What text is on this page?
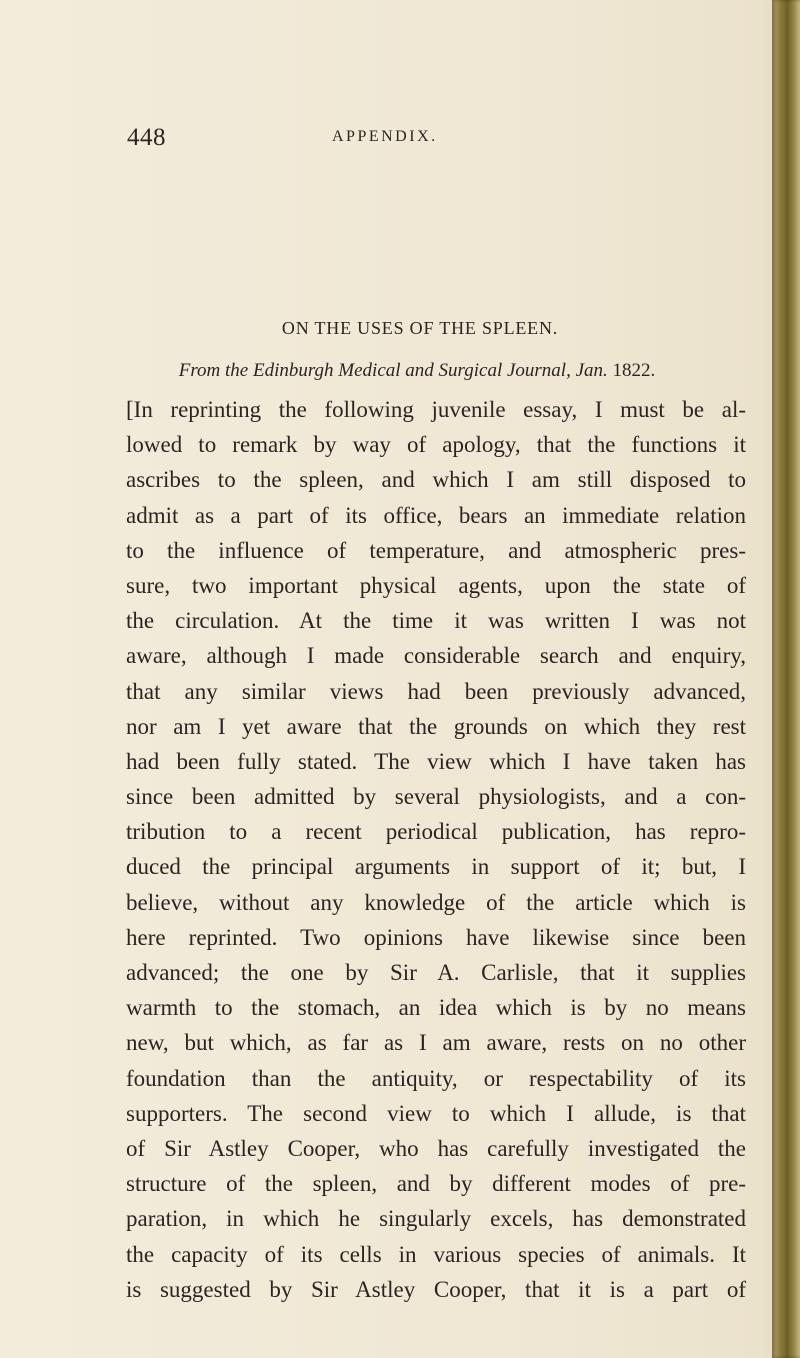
448	APPENDIX.
ON THE USES OF THE SPLEEN.
From the Edinburgh Medical and Surgical Journal, Jan. 1822.
[In reprinting the following juvenile essay, I must be al-
lowed to remark by way of apology, that the functions it
ascribes to the spleen, and which I am still disposed to
admit as a part of its office, bears an immediate relation
to the influence of temperature, and atmospheric pres-
sure, two important physical agents, upon the state of
the circulation. At the time it was written I was not
aware, although I made considerable search and enquiry,
that any similar views had been previously advanced,
nor am I yet aware that the grounds on which they rest
had been fully stated. The view which I have taken has
since been admitted by several physiologists, and a con-
tribution to a recent periodical publication, has repro-
duced the principal arguments in support of it; but, I
believe, without any knowledge of the article which is
here reprinted. Two opinions have likewise since been
advanced; the one by Sir A. Carlisle, that it supplies
warmth to the stomach, an idea which is by no means
new, but which, as far as I am aware, rests on no other
foundation than the antiquity, or respectability of its
supporters. The second view to which I allude, is that
of Sir Astley Cooper, who has carefully investigated the
structure of the spleen, and by different modes of pre-
paration, in which he singularly excels, has demonstrated
the capacity of its cells in various species of animals. It
is suggested by Sir Astley Cooper, that it is a part of
